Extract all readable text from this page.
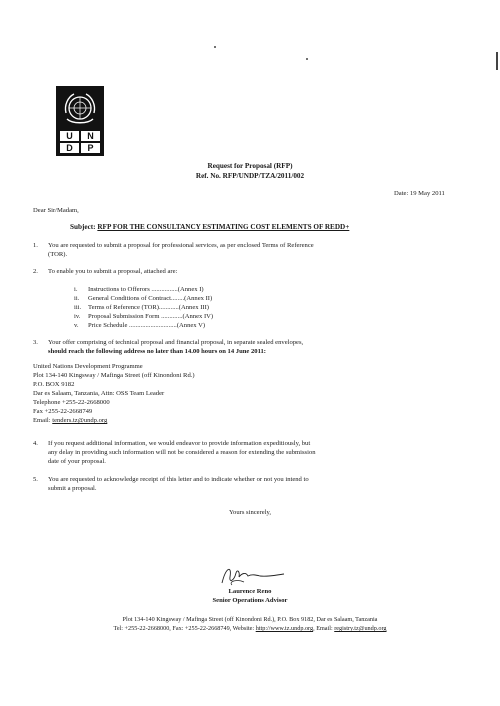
U	N
D	P
Request for Proposal (RFP)
Ref. No. RFP/UNDP/TZA/2011/002
Date: 19 May 2011
Dear Sir/Madam,
Subject: RFP FOR THE CONSULTANCY ESTIMATING COST ELEMENTS OF REDD+
1. You are requested to submit a proposal for professional services, as per enclosed Terms of Reference
(TOR).
2. To enable you to submit a proposal, attached are:
i. Instructions to Offerors ................(Annex I)
ii. General Conditions of Contract........(Annex II)
iii. Terms of Reference (TOR)............(Annex III)
iv. Proposal Submission Form .............(Annex IV)
v. Price Schedule .............................(Annex V)
3. Your offer comprising of technical proposal and financial proposal, in separate sealed envelopes,
should reach the following address no later than 14.00 hours on 14 June 2011:
United Nations Development Programme
Plot 134-140 Kingsway / Mafinga Street (off Kinondoni Rd.)
P.O. BOX 9182
Dar es Salaam, Tanzania, Attn: OSS Team Leader
Telephone +255-22-2668000
Fax +255-22-2668749
Email: tenders.tz@undp.org
4. If you request additional information, we would endeavor to provide information expeditiously, but
any delay in providing such information will not be considered a reason for extending the submission
date of your proposal.
5. You are requested to acknowledge receipt of this letter and to indicate whether or not you intend to
submit a proposal.
Yours sincerely,
Laurence Reno
Senior Operations Advisor
Plot 134-140 Kingsway / Mafinga Street (off Kinondoni Rd.), P.O. Box 9182, Dar es Salaam, Tanzania
Tel: +255-22-2668000, Fax: +255-22-2668749, Website: http://www.tz.undp.org, Email: registry.tz@undp.org
